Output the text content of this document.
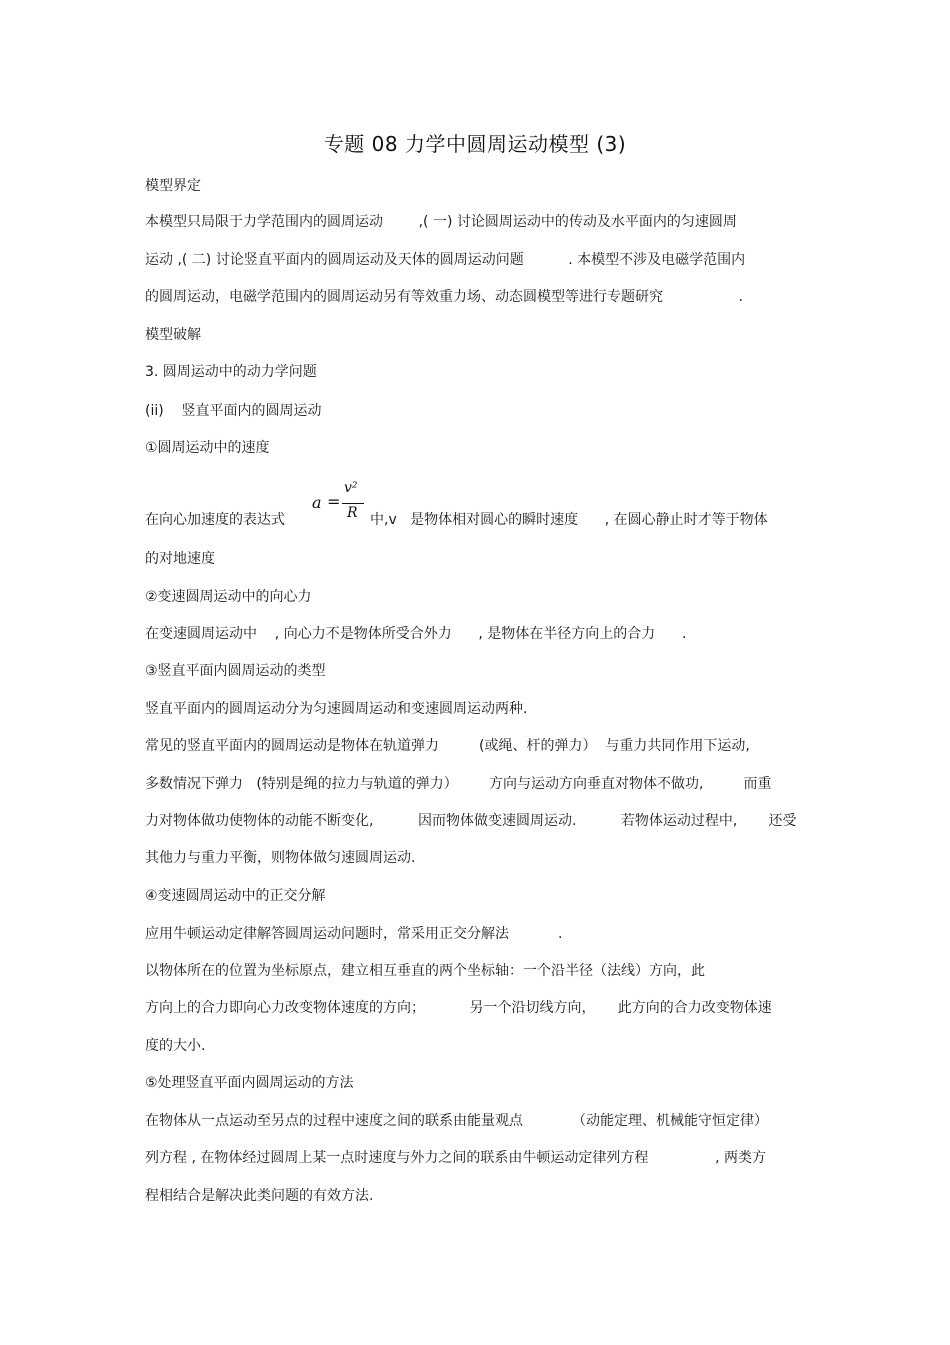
专题 08 力学中圆周运动模型 (3)
模型界定
本模型只局限于力学范围内的圆周运动        ,( 一) 讨论圆周运动中的传动及水平面内的匀速圆周
运动 ,( 二) 讨论竖直平面内的圆周运动及天体的圆周运动问题          . 本模型不涉及电磁学范围内
的圆周运动，电磁学范围内的圆周运动另有等效重力场、动态圆模型等进行专题研究                 .
模型破解
3. 圆周运动中的动力学问题
(ii)    竖直平面内的圆周运动
①圆周运动中的速度
在向心加速度的表达式
a =
v²
R 中,v   是物体相对圆心的瞬时速度      , 在圆心静止时才等于物体
的对地速度
②变速圆周运动中的向心力
在变速圆周运动中    , 向心力不是物体所受合外力      , 是物体在半径方向上的合力      .
③竖直平面内圆周运动的类型
竖直平面内的圆周运动分为匀速圆周运动和变速圆周运动两种.
常见的竖直平面内的圆周运动是物体在轨道弹力         (或绳、杆的弹力）  与重力共同作用下运动,
多数情况下弹力   (特别是绳的拉力与轨道的弹力）       方向与运动方向垂直对物体不做功,         而重
力对物体做功使物体的动能不断变化,          因而物体做变速圆周运动.          若物体运动过程中,       还受
其他力与重力平衡，则物体做匀速圆周运动.
④变速圆周运动中的正交分解
应用牛顿运动定律解答圆周运动问题时，常采用正交分解法           .
以物体所在的位置为坐标原点，建立相互垂直的两个坐标轴：一个沿半径（法线）方向，此
方向上的合力即向心力改变物体速度的方向；          另一个沿切线方向，     此方向的合力改变物体速
度的大小.
⑤处理竖直平面内圆周运动的方法
在物体从一点运动至另点的过程中速度之间的联系由能量观点           （动能定理、机械能守恒定律）
列方程 , 在物体经过圆周上某一点时速度与外力之间的联系由牛顿运动定律列方程               , 两类方
程相结合是解决此类问题的有效方法.
